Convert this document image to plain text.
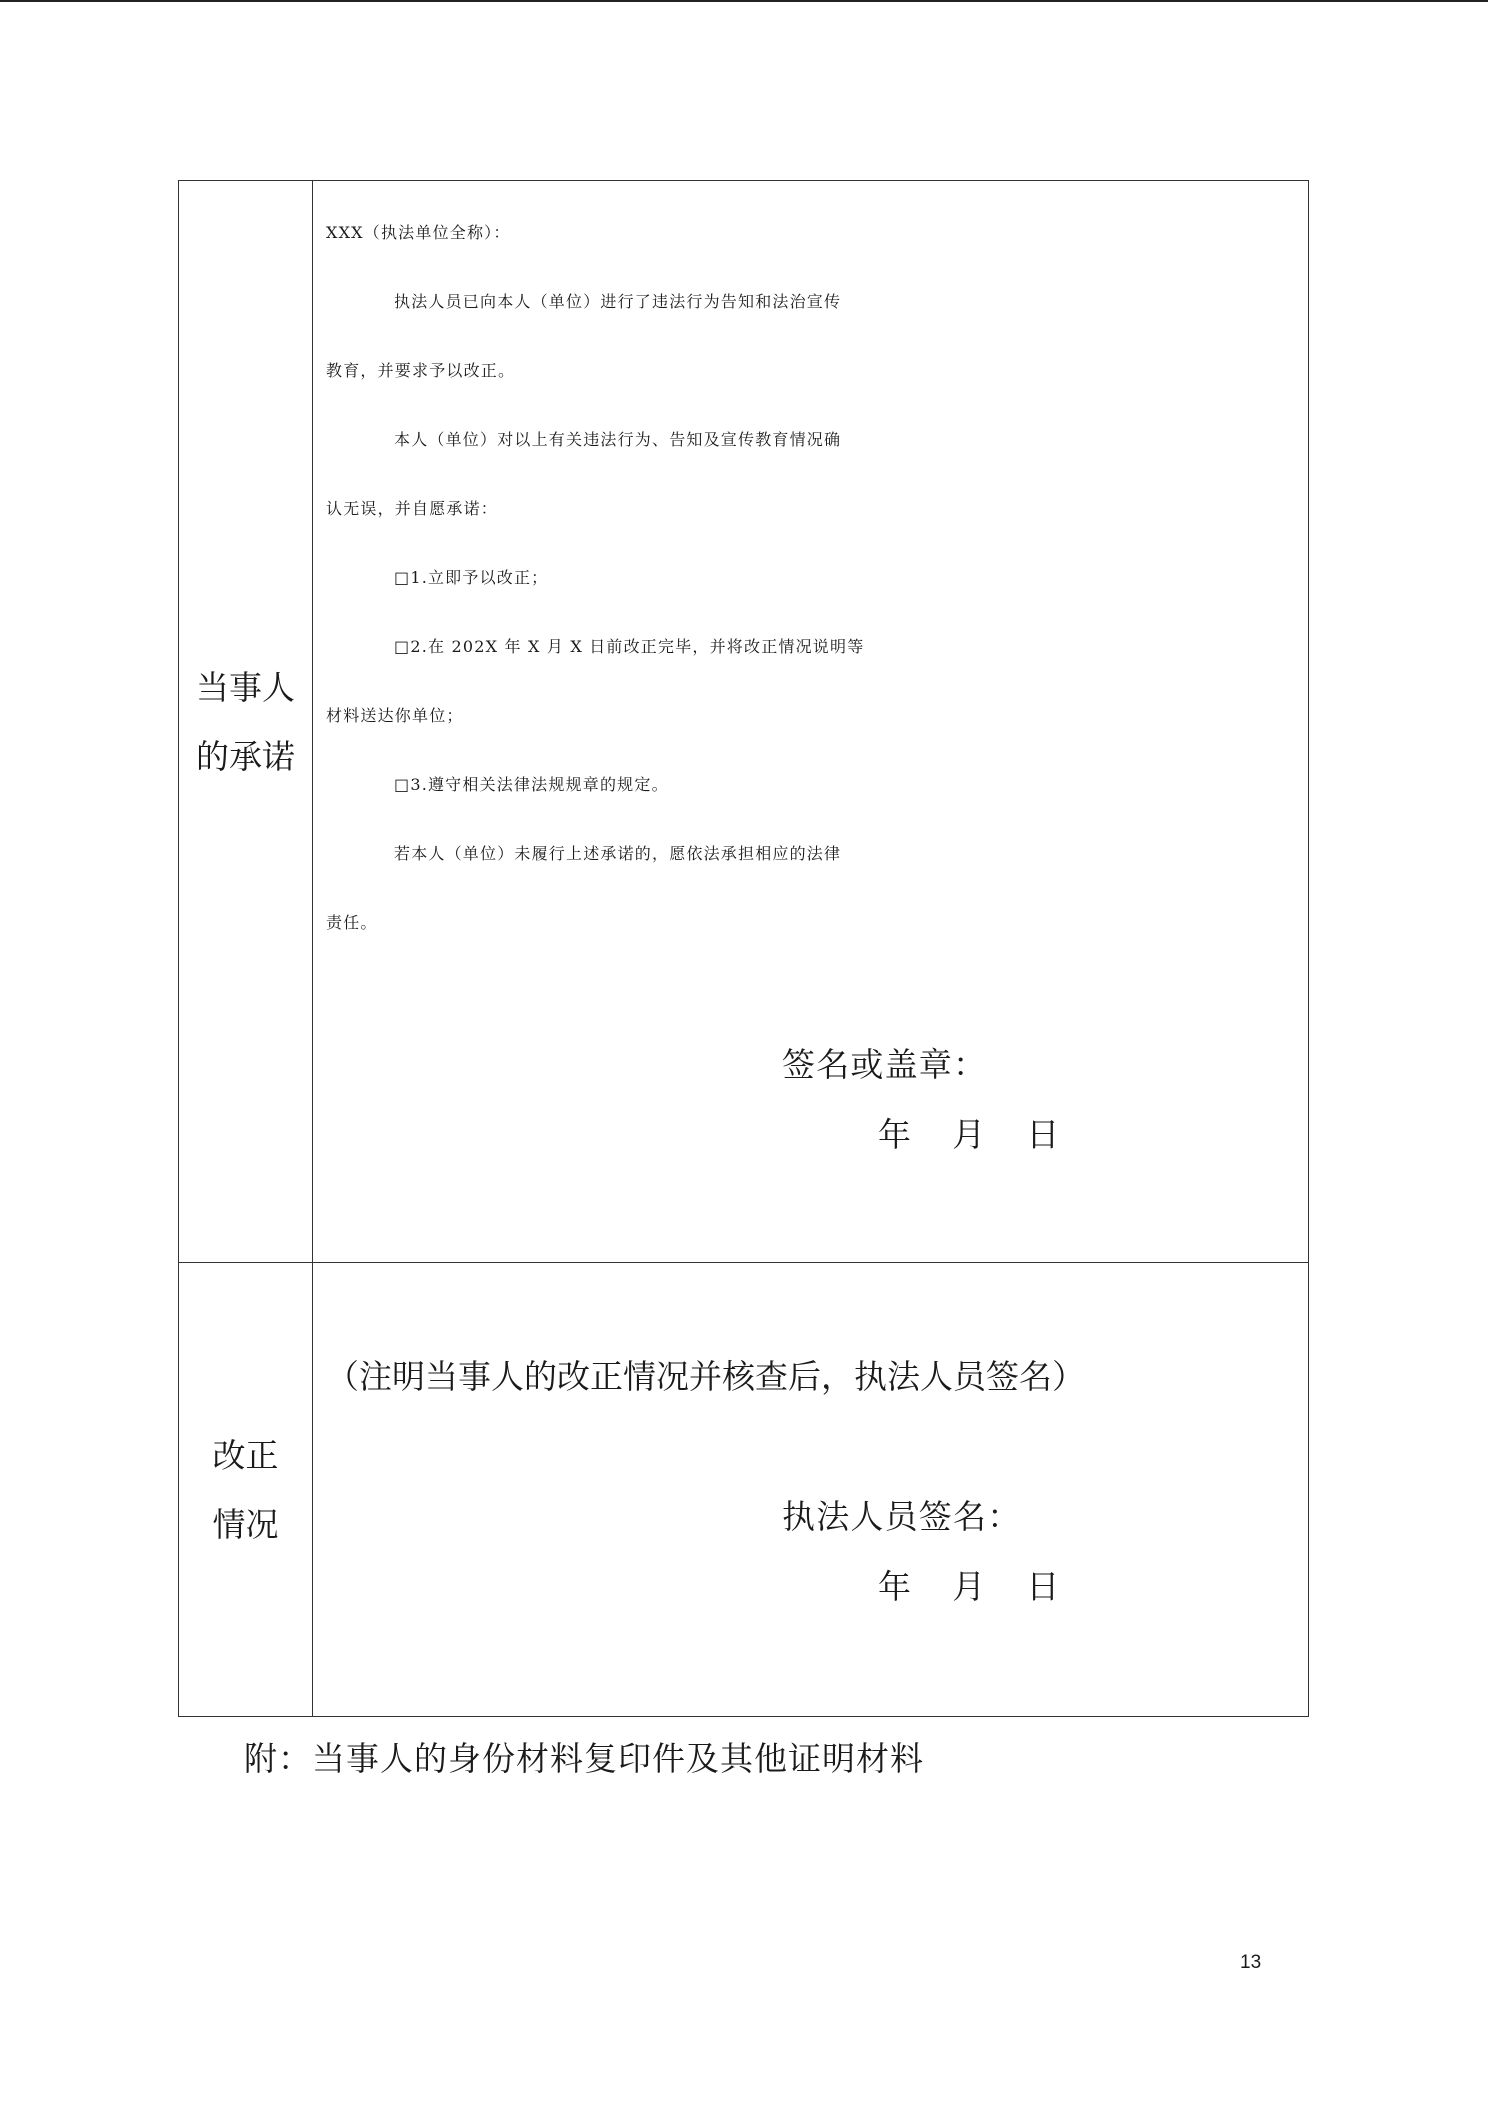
当事人
的承诺
改正
情况

XXX（执法单位全称）：

执法人员已向本人（单位）进行了违法行为告知和法治宣传

教育，并要求予以改正。

本人（单位）对以上有关违法行为、告知及宣传教育情况确

认无误，并自愿承诺：

□1.立即予以改正；

□2.在 202X 年 X 月 X 日前改正完毕，并将改正情况说明等

材料送达你单位；

□3.遵守相关法律法规规章的规定。

若本人（单位）未履行上述承诺的，愿依法承担相应的法律

责任。

签名或盖章：
年 月 日
（注明当事人的改正情况并核查后，执法人员签名）
执法人员签名：
年 月 日
附：当事人的身份材料复印件及其他证明材料
13
